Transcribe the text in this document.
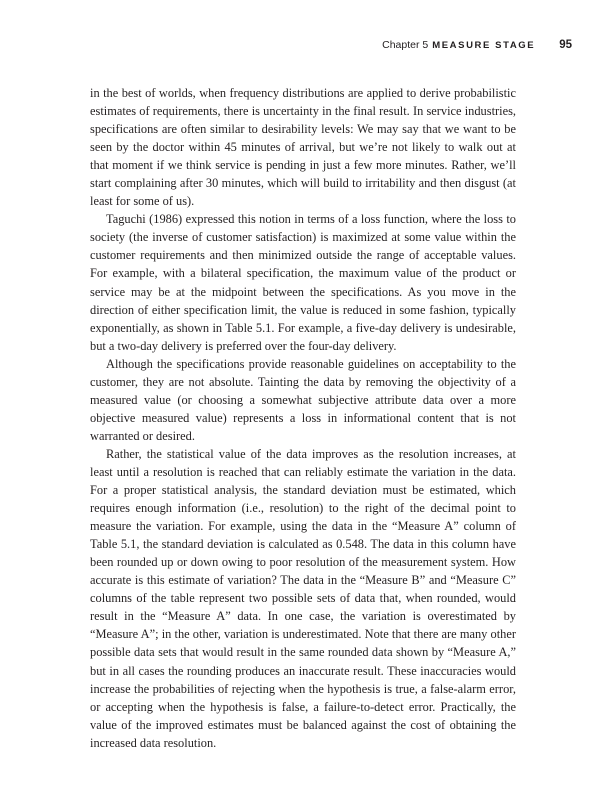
Chapter 5 MEASURE STAGE 95

in the best of worlds, when frequency distributions are applied to derive probabilistic estimates of requirements, there is uncertainty in the final result. In service industries, specifications are often similar to desirability levels: We may say that we want to be seen by the doctor within 45 minutes of arrival, but we’re not likely to walk out at that moment if we think service is pending in just a few more minutes. Rather, we’ll start complaining after 30 minutes, which will build to irritability and then disgust (at least for some of us).

Taguchi (1986) expressed this notion in terms of a loss function, where the loss to society (the inverse of customer satisfaction) is maximized at some value within the customer requirements and then minimized outside the range of acceptable values. For example, with a bilateral specification, the maximum value of the product or service may be at the midpoint between the specifications. As you move in the direction of either specification limit, the value is reduced in some fashion, typically exponentially, as shown in Table 5.1. For example, a five-day delivery is undesirable, but a two-day delivery is preferred over the four-day delivery.

Although the specifications provide reasonable guidelines on acceptability to the customer, they are not absolute. Tainting the data by removing the objectivity of a measured value (or choosing a somewhat subjective attribute data over a more objective measured value) represents a loss in informational content that is not warranted or desired.

Rather, the statistical value of the data improves as the resolution increases, at least until a resolution is reached that can reliably estimate the variation in the data. For a proper statistical analysis, the standard deviation must be estimated, which requires enough information (i.e., resolution) to the right of the decimal point to measure the variation. For example, using the data in the “Measure A” column of Table 5.1, the standard deviation is calculated as 0.548. The data in this column have been rounded up or down owing to poor resolution of the measurement system. How accurate is this estimate of variation? The data in the “Measure B” and “Measure C” columns of the table represent two possible sets of data that, when rounded, would result in the “Measure A” data. In one case, the variation is overestimated by “Measure A”; in the other, variation is underestimated. Note that there are many other possible data sets that would result in the same rounded data shown by “Measure A,” but in all cases the rounding produces an inaccurate result. These inaccuracies would increase the probabilities of rejecting when the hypothesis is true, a false-alarm error, or accepting when the hypothesis is false, a failure-to-detect error. Practically, the value of the improved estimates must be balanced against the cost of obtaining the increased data resolution.
